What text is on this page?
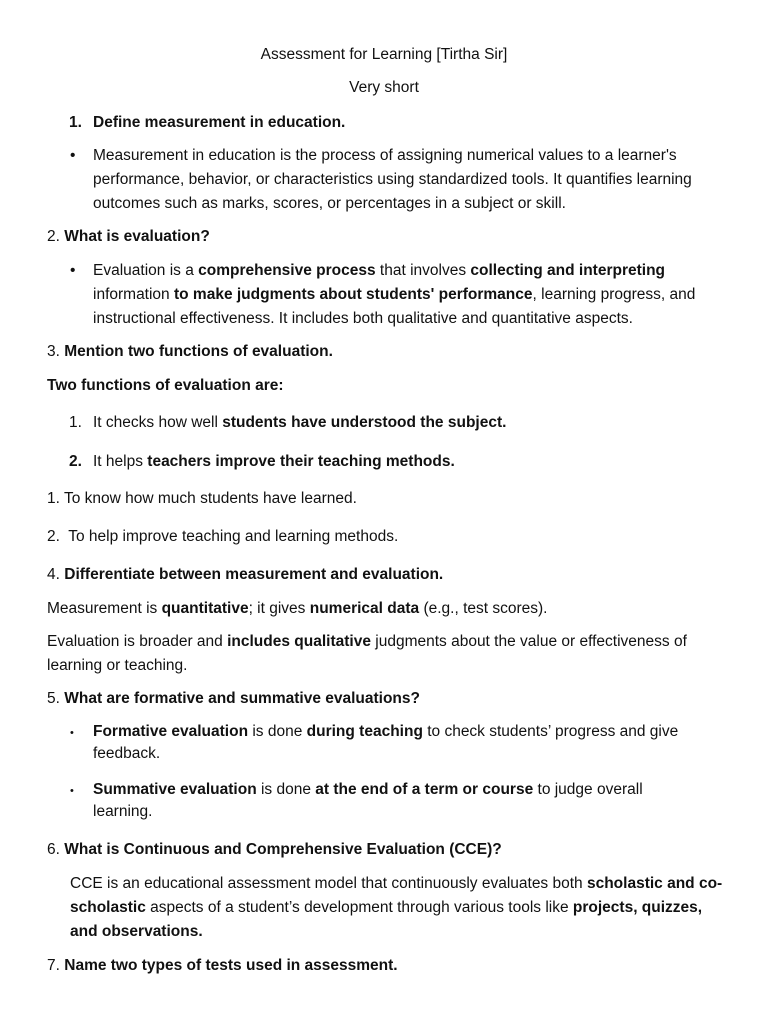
Assessment for Learning [Tirtha Sir]

Very short

1. Define measurement in education.
• Measurement in education is the process of assigning numerical values to a learner's performance, behavior, or characteristics using standardized tools. It quantifies learning outcomes such as marks, scores, or percentages in a subject or skill.

2. What is evaluation?
• Evaluation is a comprehensive process that involves collecting and interpreting information to make judgments about students' performance, learning progress, and instructional effectiveness. It includes both qualitative and quantitative aspects.

3. Mention two functions of evaluation.

Two functions of evaluation are:

1. It checks how well students have understood the subject.

2. It helps teachers improve their teaching methods.

1. To know how much students have learned.

2.  To help improve teaching and learning methods.

4. Differentiate between measurement and evaluation.

Measurement is quantitative; it gives numerical data (e.g., test scores).

Evaluation is broader and includes qualitative judgments about the value or effectiveness of learning or teaching.

5. What are formative and summative evaluations?
• Formative evaluation is done during teaching to check students’ progress and give feedback.

• Summative evaluation is done at the end of a term or course to judge overall learning.

6. What is Continuous and Comprehensive Evaluation (CCE)?

CCE is an educational assessment model that continuously evaluates both scholastic and co-scholastic aspects of a student’s development through various tools like projects, quizzes, and observations.

7. Name two types of tests used in assessment.
